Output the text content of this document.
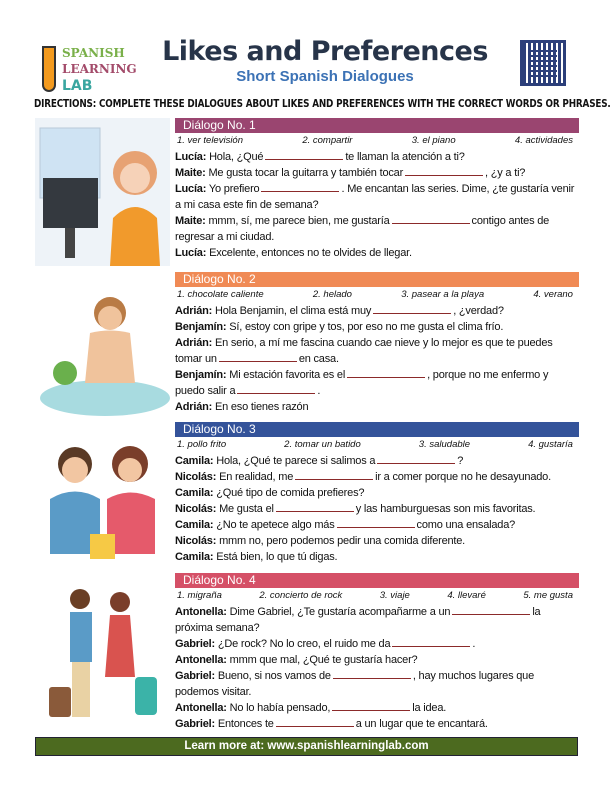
SPANISH
LEARNING
LAB
Likes and Preferences
Short Spanish Dialogues
DIRECTIONS: COMPLETE THESE DIALOGUES ABOUT LIKES AND PREFERENCES WITH THE CORRECT WORDS OR PHRASES.
Diálogo No. 1
1. ver televisión	2. compartir	3. el piano	4. actividades
Lucía: Hola, ¿Qué	te llaman la atención a ti?
Maite: Me gusta tocar la guitarra y también tocar	, ¿y a ti?
Lucía: Yo prefiero	. Me encantan las series. Dime, ¿te gustaría venir a mi casa este fin de semana?
Maite: mmm, sí, me parece bien, me gustaría	contigo antes de regresar a mi ciudad.
Lucía: Excelente, entonces no te olvides de llegar.
Diálogo No. 2
1. chocolate caliente	2. helado	3. pasear a la playa	4. verano
Adrián: Hola Benjamin, el clima está muy	, ¿verdad?
Benjamín: Sí, estoy con gripe y tos, por eso no me gusta el clima frío.
Adrián: En serio, a mí me fascina cuando cae nieve y lo mejor es que te puedes tomar un	en casa.
Benjamín: Mi estación favorita es el	, porque no me enfermo y puedo salir a	.
Adrián: En eso tienes razón
Diálogo No. 3
1. pollo frito	2. tomar un batido	3. saludable	4. gustaría
Camila: Hola, ¿Qué te parece si salimos a	?
Nicolás: En realidad, me	ir a comer porque no he desayunado.
Camila: ¿Qué tipo de comida prefieres?
Nicolás: Me gusta el	y las hamburguesas son mis favoritas.
Camila: ¿No te apetece algo más	como una ensalada?
Nicolás: mmm no, pero podemos pedir una comida diferente.
Camila: Está bien, lo que tú digas.
Diálogo No. 4
1. migraña	2. concierto de rock	3. viaje	4. llevaré	5. me gusta
Antonella: Dime Gabriel, ¿Te gustaría acompañarme a un	la próxima semana?
Gabriel: ¿De rock? No lo creo, el ruido me da	.
Antonella: mmm que mal, ¿Qué te gustaría hacer?
Gabriel: Bueno, si nos vamos de	, hay muchos lugares que podemos visitar.
Antonella: No lo había pensado,	la idea.
Gabriel: Entonces te	a un lugar que te encantará.
Learn more at: www.spanishlearninglab.com
